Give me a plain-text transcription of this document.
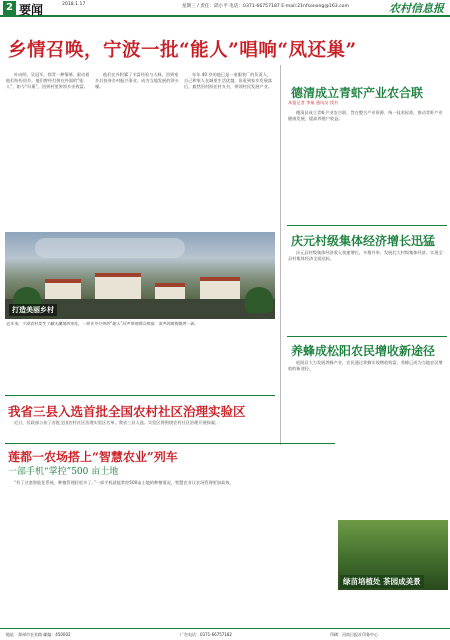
2 要闻	2018.1.17	星期三 / 责任：邱小平 电话：0371-66757187 E-mail:21nfsonong@163.com	农村信息报
乡情召唤，宁波一批“能人”唱响“凤还巢”

叶向明，吴冠军，徐青一种情绪，驱动着他们纷纷回乡。他们曾经打拼在外面的“能人”，如今“归巢”，回到村里带领乡亲致富。

他们在外积累了丰富经验与人脉，回到家乡后投身乡村振兴事业，成为当地发展的领头雁。

年年 40 岁的他已是一家服装厂的负责人，自己和家人在城里生活优越，但看到家乡发展落后，毅然回村担任村支书，带领村民发展产业。

打造美丽乡村
近年来，宁波农村发生了翻天覆地的变化，一批在外打拼的“能人”回乡带领群众致富，家乡的面貌焕然一新。
德清成立青虾产业农合联
本报记者 李福 通讯员 钱书

德清县成立青虾产业农合联，旨在整合产业资源、统一技术标准，推动青虾产业健康发展，提高养殖户收益。

庆元村级集体经济增长迅猛

庆元县村级集体经济收入快速增长，多措并举，发展壮大村级集体经济，实现全县村集体经济全面达标。

养蜂成松阳农民增收新途径

松阳县大力发展养蜂产业，农民通过养蜂实现增收致富，养蜂已成为当地农民增收的新途径。

我省三县入选首批全国农村社区治理实验区

近日，民政部公布了首批全国农村社区治理实验区名单，我省三县入选。实验区将围绕农村社区治理开展探索。

莲都一农场搭上“智慧农业”列车
一部手机“掌控”500 亩土地

“有了这套智能化系统，种植管理轻松多了。”一部手机就能掌控500亩土地的种植情况，智慧农业让农场管理更加高效。

绿苗培植处 茶园成美景
地址：郑州市农业路 邮编：450002	广告电话：0371-66757182	印刷：河南日报社印务中心
